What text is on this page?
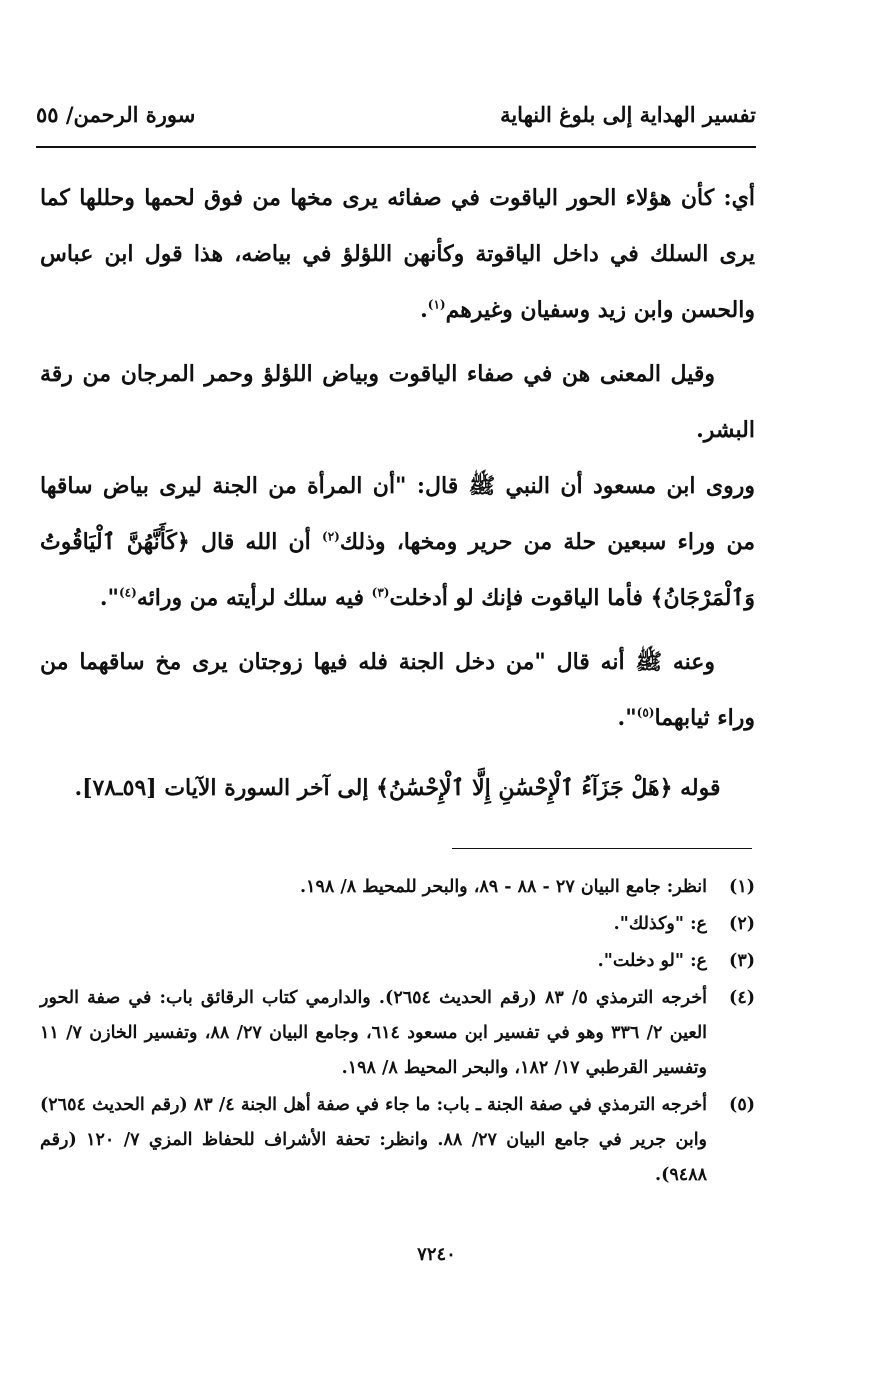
تفسير الهداية إلى بلوغ النهاية
سورة الرحمن/ ٥٥

أي: كأن هؤلاء الحور الياقوت في صفائه يرى مخها من فوق لحمها وحللها كما يرى السلك في داخل الياقوتة وكأنهن اللؤلؤ في بياضه، هذا قول ابن عباس والحسن وابن زيد وسفيان وغيرهم$^{(١)}$.

وقيل المعنى هن في صفاء الياقوت وبياض اللؤلؤ وحمر المرجان من رقة البشر.

وروى ابن مسعود أن النبي ﷺ قال: "أن المرأة من الجنة ليرى بياض ساقها من وراء سبعين حلة من حرير ومخها، وذلك$^{(٢)}$ أن الله قال ﴿كَأَنَّهُنَّ ٱلْيَاقُوتُ وَٱلْمَرْجَانُ﴾ فأما الياقوت فإنك لو أدخلت$^{(٣)}$ فيه سلك لرأيته من ورائه$^{(٤)}$".

وعنه ﷺ أنه قال "من دخل الجنة فله فيها زوجتان يرى مخ ساقهما من وراء ثيابهما$^{(٥)}$".

قوله ﴿هَلْ جَزَآءُ ٱلْإِحْسَٰنِ إِلَّا ٱلْإِحْسَٰنُ﴾ إلى آخر السورة الآيات [٥٩ـ٧٨].

(١)
انظر: جامع البيان ٢٧ - ٨٨ - ٨٩، والبحر للمحيط ٨/ ١٩٨.
(٢)
ع: "وكذلك".
(٣)
ع: "لو دخلت".
(٤)
أخرجه الترمذي ٥/ ٨٣ (رقم الحديث ٢٦٥٤). والدارمي كتاب الرقائق باب: في صفة الحور العين ٢/ ٣٣٦ وهو في تفسير ابن مسعود ٦١٤، وجامع البيان ٢٧/ ٨٨، وتفسير الخازن ٧/ ١١ وتفسير القرطبي ١٧/ ١٨٢، والبحر المحيط ٨/ ١٩٨.
(٥)
أخرجه الترمذي في صفة الجنة ـ باب: ما جاء في صفة أهل الجنة ٤/ ٨٣ (رقم الحديث ٢٦٥٤) وابن جرير في جامع البيان ٢٧/ ٨٨. وانظر: تحفة الأشراف للحفاظ المزي ٧/ ١٢٠ (رقم ٩٤٨٨).
٧٢٤٠
